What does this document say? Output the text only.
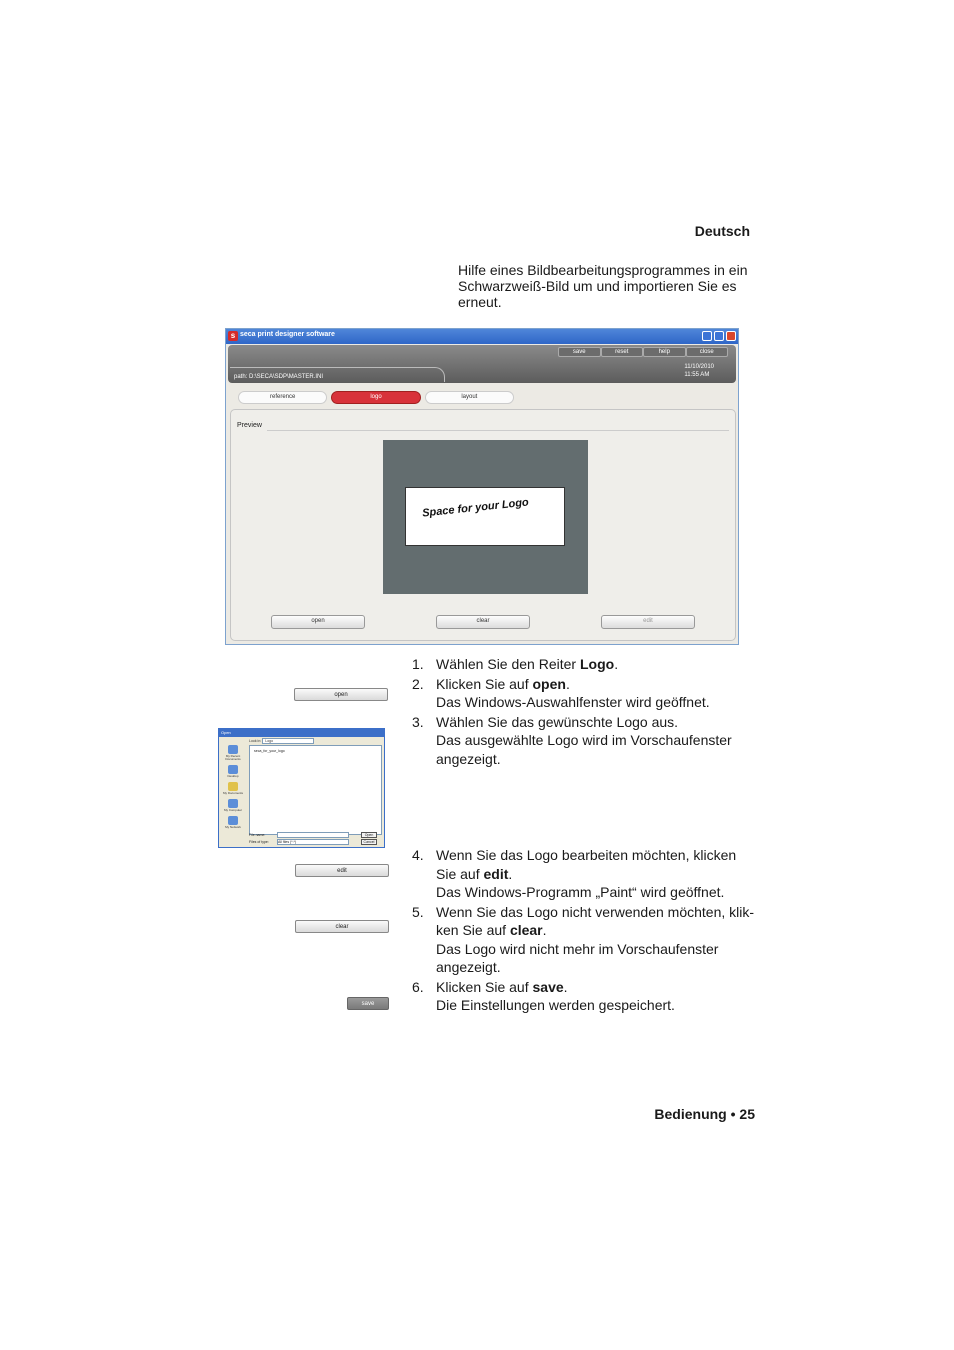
Deutsch
Hilfe eines Bildbearbeitungsprogrammes in ein Schwarzweiß-Bild um und importieren Sie es erneut.
s seca print designer software
save	reset	help	close
path: D:\SECA\SDP\MASTER.INI
11/10/2010
11:55 AM
reference	logo	layout
Preview
Space for your Logo
open	clear	edit
open
Open
Look in: Logo
My Recent Documents
Desktop
My Documents
My Computer
My Network
seca_for_your_logo
File name:
Files of type:	All files (*.*)
Open
Cancel
edit
clear
save
1. Wählen Sie den Reiter Logo.
2. Klicken Sie auf open.
Das Windows-Auswahlfenster wird geöffnet.
3. Wählen Sie das gewünschte Logo aus.
Das ausgewählte Logo wird im Vorschaufenster angezeigt.
4. Wenn Sie das Logo bearbeiten möchten, klicken Sie auf edit.
Das Windows-Programm „Paint“ wird geöffnet.
5. Wenn Sie das Logo nicht verwenden möchten, klik-ken Sie auf clear.
Das Logo wird nicht mehr im Vorschaufenster angezeigt.
6. Klicken Sie auf save.
Die Einstellungen werden gespeichert.
Bedienung • 25
